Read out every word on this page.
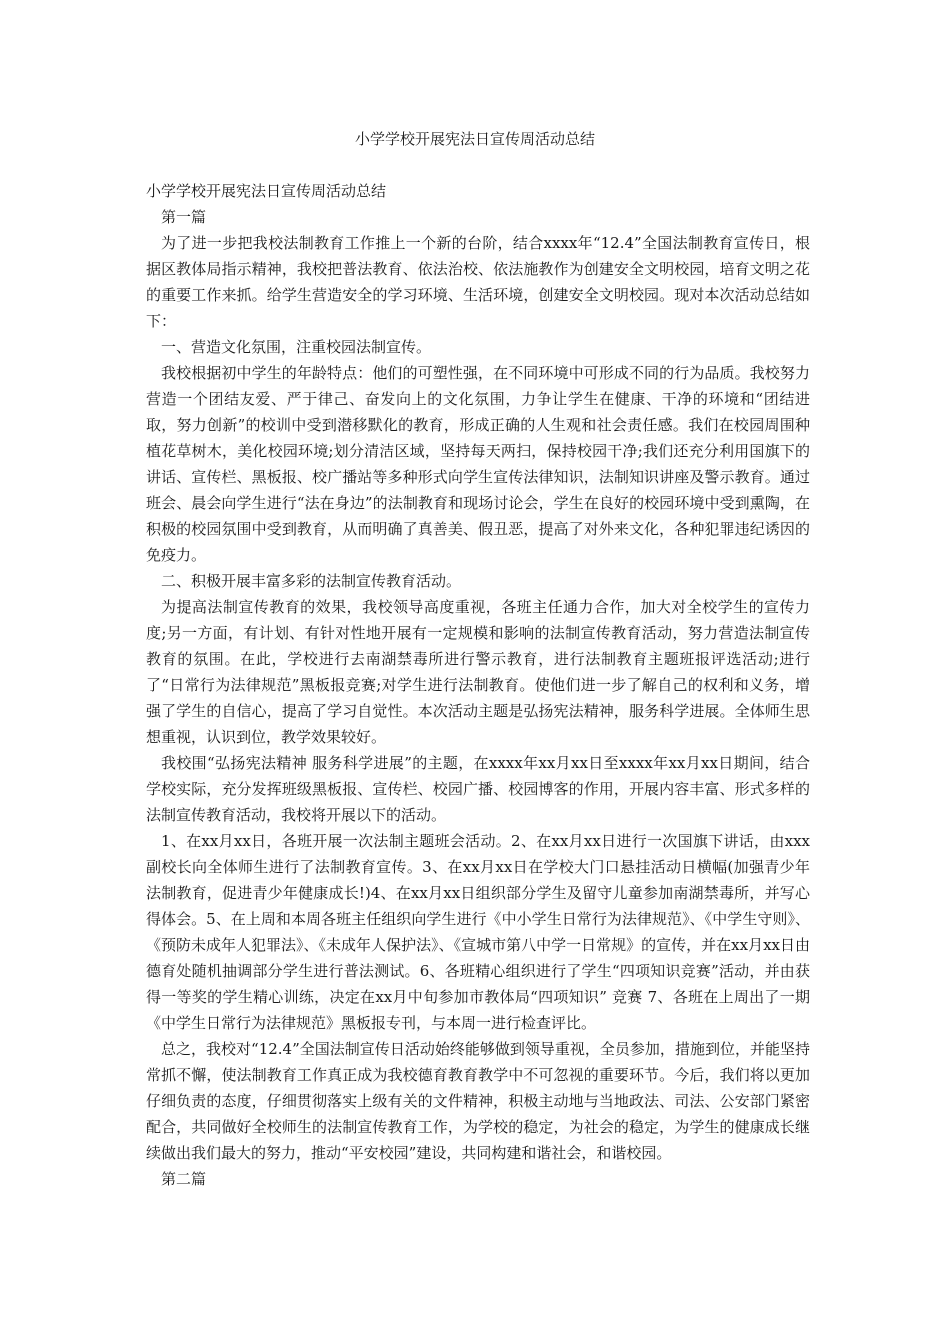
小学学校开展宪法日宣传周活动总结

小学学校开展宪法日宣传周活动总结

第一篇

为了进一步把我校法制教育工作推上一个新的台阶，结合xxxx年“12.4”全国法制教育宣传日，根据区教体局指示精神，我校把普法教育、依法治校、依法施教作为创建安全文明校园，培育文明之花的重要工作来抓。给学生营造安全的学习环境、生活环境，创建安全文明校园。现对本次活动总结如下：

一、营造文化氛围，注重校园法制宣传。

我校根据初中学生的年龄特点：他们的可塑性强，在不同环境中可形成不同的行为品质。我校努力营造一个团结友爱、严于律己、奋发向上的文化氛围，力争让学生在健康、干净的环境和“团结进取，努力创新”的校训中受到潜移默化的教育，形成正确的人生观和社会责任感。我们在校园周围种植花草树木，美化校园环境;划分清洁区域，坚持每天两扫，保持校园干净;我们还充分利用国旗下的讲话、宣传栏、黑板报、校广播站等多种形式向学生宣传法律知识，法制知识讲座及警示教育。通过班会、晨会向学生进行“法在身边”的法制教育和现场讨论会，学生在良好的校园环境中受到熏陶，在积极的校园氛围中受到教育，从而明确了真善美、假丑恶，提高了对外来文化，各种犯罪违纪诱因的免疫力。

二、积极开展丰富多彩的法制宣传教育活动。

为提高法制宣传教育的效果，我校领导高度重视，各班主任通力合作，加大对全校学生的宣传力度;另一方面，有计划、有针对性地开展有一定规模和影响的法制宣传教育活动，努力营造法制宣传教育的氛围。在此，学校进行去南湖禁毒所进行警示教育，进行法制教育主题班报评选活动;进行了“日常行为法律规范”黑板报竞赛;对学生进行法制教育。使他们进一步了解自己的权利和义务，增强了学生的自信心，提高了学习自觉性。本次活动主题是弘扬宪法精神，服务科学进展。全体师生思想重视，认识到位，教学效果较好。

我校围“弘扬宪法精神 服务科学进展”的主题，在xxxx年xx月xx日至xxxx年xx月xx日期间，结合学校实际，充分发挥班级黑板报、宣传栏、校园广播、校园博客的作用，开展内容丰富、形式多样的法制宣传教育活动，我校将开展以下的活动。

1、在xx月xx日，各班开展一次法制主题班会活动。2、在xx月xx日进行一次国旗下讲话，由xxx副校长向全体师生进行了法制教育宣传。3、在xx月xx日在学校大门口悬挂活动日横幅(加强青少年法制教育，促进青少年健康成长!)4、在xx月xx日组织部分学生及留守儿童参加南湖禁毒所，并写心得体会。5、在上周和本周各班主任组织向学生进行《中小学生日常行为法律规范》、《中学生守则》、《预防未成年人犯罪法》、《未成年人保护法》、《宣城市第八中学一日常规》的宣传，并在xx月xx日由德育处随机抽调部分学生进行普法测试。6、各班精心组织进行了学生“四项知识竞赛”活动，并由获得一等奖的学生精心训练，决定在xx月中旬参加市教体局“四项知识” 竞赛 7、各班在上周出了一期《中学生日常行为法律规范》黑板报专刊，与本周一进行检查评比。

总之，我校对“12.4”全国法制宣传日活动始终能够做到领导重视，全员参加，措施到位，并能坚持常抓不懈，使法制教育工作真正成为我校德育教育教学中不可忽视的重要环节。今后，我们将以更加仔细负责的态度，仔细贯彻落实上级有关的文件精神，积极主动地与当地政法、司法、公安部门紧密配合，共同做好全校师生的法制宣传教育工作，为学校的稳定，为社会的稳定，为学生的健康成长继续做出我们最大的努力，推动“平安校园”建设，共同构建和谐社会，和谐校园。

第二篇
